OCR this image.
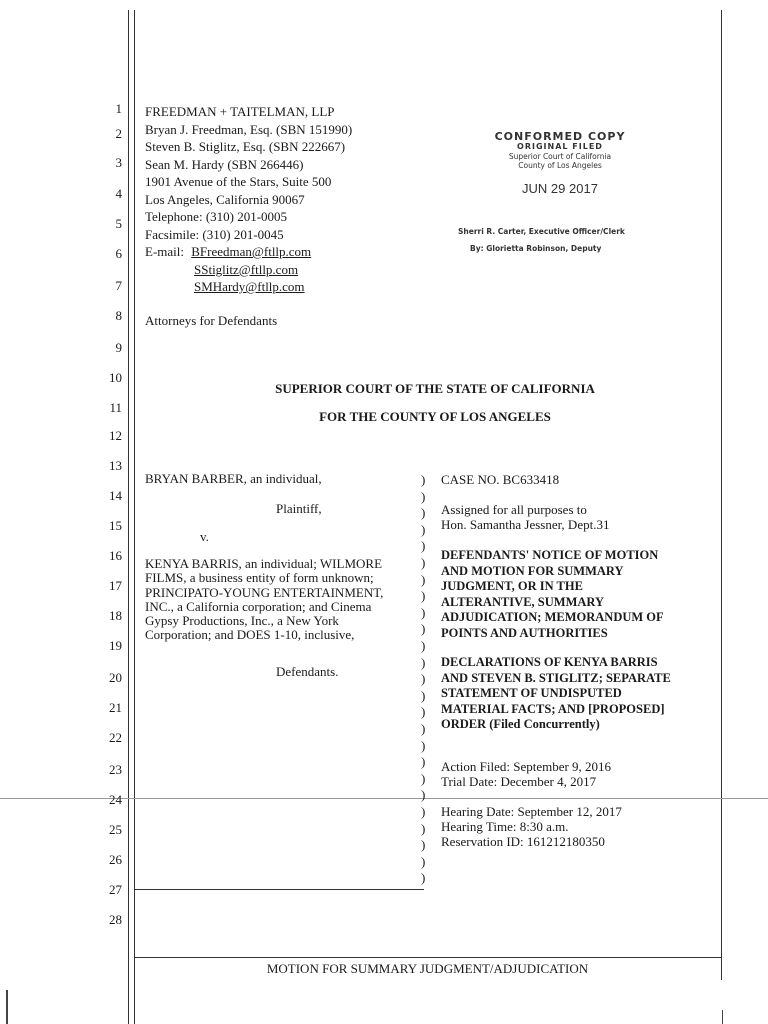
1
2
3
4
5
6
7
8
9
10
11
12
13
14
15
16
17
18
19
20
21
22
23
24
25
26
27
28
FREEDMAN + TAITELMAN, LLP
Bryan J. Freedman, Esq. (SBN 151990)
Steven B. Stiglitz, Esq. (SBN 222667)
Sean M. Hardy (SBN 266446)
1901 Avenue of the Stars, Suite 500
Los Angeles, California 90067
Telephone: (310) 201-0005
Facsimile: (310) 201-0045
E-mail: BFreedman@ftllp.com
SStiglitz@ftllp.com
SMHardy@ftllp.com
Attorneys for Defendants
CONFORMED COPY
ORIGINAL FILED
Superior Court of California
County of Los Angeles
JUN 29 2017
Sherri R. Carter, Executive Officer/Clerk
By: Glorietta Robinson, Deputy
SUPERIOR COURT OF THE STATE OF CALIFORNIA
FOR THE COUNTY OF LOS ANGELES
BRYAN BARBER, an individual,
Plaintiff,
v.
KENYA BARRIS, an individual; WILMORE
FILMS, a business entity of form unknown;
PRINCIPATO-YOUNG ENTERTAINMENT,
INC., a California corporation; and Cinema
Gypsy Productions, Inc., a New York
Corporation; and DOES 1-10, inclusive,
Defendants.
)
)
)
)
)
)
)
)
)
)
)
)
)
)
)
)
)
)
)
)
)
)
)
)
)
CASE NO. BC633418
Assigned for all purposes to
Hon. Samantha Jessner, Dept.31
DEFENDANTS' NOTICE OF MOTION
AND MOTION FOR SUMMARY
JUDGMENT, OR IN THE
ALTERANTIVE, SUMMARY
ADJUDICATION; MEMORANDUM OF
POINTS AND AUTHORITIES
DECLARATIONS OF KENYA BARRIS
AND STEVEN B. STIGLITZ; SEPARATE
STATEMENT OF UNDISPUTED
MATERIAL FACTS; AND [PROPOSED]
ORDER (Filed Concurrently)
Action Filed: September 9, 2016
Trial Date: December 4, 2017
Hearing Date: September 12, 2017
Hearing Time: 8:30 a.m.
Reservation ID: 161212180350
MOTION FOR SUMMARY JUDGMENT/ADJUDICATION
